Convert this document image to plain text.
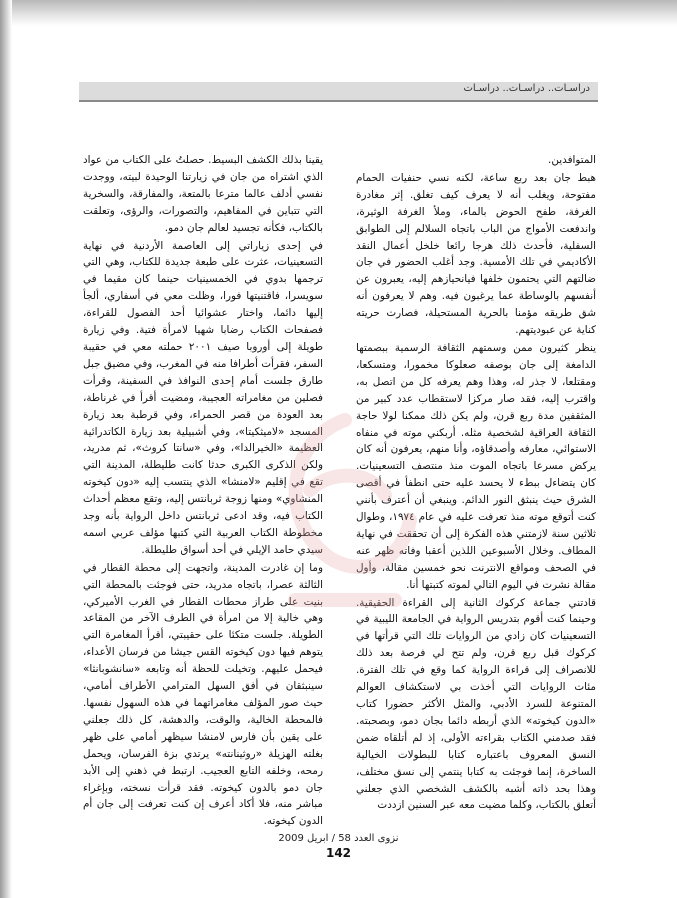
دراسـات.. دراسـات.. دراسـات

المتوافدين.

هبط جان بعد ربع ساعة، لكنه نسي حنفيات الحمام مفتوحة، ويغلب أنه لا يعرف كيف تغلق. إثر مغادرة الغرفة، طفح الحوض بالماء، وملأ الغرفة الوثيرة، واندفعت الأمواج من الباب باتجاه السلالم إلى الطوابق السفلية، فأحدث ذلك هرجا رائعا خلخل أعمال النقد الأكاديمي في تلك الأمسية. وجد أغلب الحضور في جان ضالتهم التي يحتمون خلفها فيانحيازهم إليه، يعبرون عن أنفسهم بالوساطة عما يرغبون فيه. وهم لا يعرفون أنه شق طريقه مؤمنا بالحرية المستحيلة، فصارت حريته كناية عن عبوديتهم.

ينظر كثيرون ممن وسمتهم الثقافة الرسمية ببصمتها الدامغة إلى جان بوصفه صعلوكا مخمورا، ومتسكعا، ومقتلعا، لا جذر له، وهذا وهم يعرفه كل من اتصل به، واقترب إليه، فقد صار مركزا لاستقطاب عدد كبير من المثقفين مدة ربع قرن، ولم يكن ذلك ممكنا لولا حاجة الثقافة العراقية لشخصية مثله. أربكني موته في منفاه الاستوائي، معارفه وأصدقاؤه، وأنا منهم، يعرفون أنه كان يركض مسرعا باتجاه الموت منذ منتصف التسعينيات. كان يتضاءل ببطء لا يحسد عليه حتى انطفأ في أقصى الشرق حيث ينبثق النور الدائم. وينبغي أن أعترف بأنني كنت أتوقع موته منذ تعرفت عليه في عام ١٩٧٤، وطوال ثلاثين سنة لازمتني هذه الفكرة إلى أن تحققت في نهاية المطاف. وخلال الأسبوعين اللذين أعقبا وفاته ظهر عنه في الصحف ومواقع الانترنت نحو خمسين مقالة، وأول مقالة نشرت في اليوم التالي لموته كتبتها أنا.

قادتني جماعة كركوك الثانية إلى القراءة الحقيقية. وحينما كنت أقوم بتدريس الرواية في الجامعة الليبية في التسعينيات كان زادي من الروايات تلك التي قرأتها في كركوك قبل ربع قرن، ولم تتح لي فرصة بعد ذلك للانصراف إلى قراءة الرواية كما وقع في تلك الفترة. مئات الروايات التي أخذت بي لاستكشاف العوالم المتنوعة للسرد الأدبي، والمثل الأكثر حضورا كتاب «الدون كيخوته» الذي أربطه دائما بجان دمو، وبصحبته. فقد صدمني الكتاب بقراءته الأولى، إذ لم أتلقاه ضمن النسق المعروف باعتباره كتابا للبطولات الخيالية الساخرة، إنما فوجئت به كتابا ينتمي إلى نسق مختلف، وهذا بحد ذاته أشبه بالكشف الشخصي الذي جعلني أتعلق بالكتاب، وكلما مضيت معه عبر السنين ازددت

يقينا بذلك الكشف البسيط. حصلتُ على الكتاب من عواد الذي اشتراه من جان في زيارتنا الوحيدة لبيته، ووجدت نفسي أدلف عالما مترعا بالمتعة، والمفارقة، والسخرية التي تتباين في المفاهيم، والتصورات، والرؤى، وتعلقت بالكتاب، فكأنه تجسيد لعالم جان دمو.

في إحدى زياراتي إلى العاصمة الأردنية في نهاية التسعينيات، عثرت على طبعة جديدة للكتاب، وهي التي ترجمها بدوي في الخمسينيات حينما كان مقيما في سويسرا، فاقتنيتها فورا، وظلت معي في أسفاري، ألجأ إليها دائما، واختار عشوائيا أحد الفصول للقراءة، فصفحات الكتاب رضابا شهيا لامرأة فتية. وفي زيارة طويلة إلى أوروبا صيف ٢٠٠١ حملته معي في حقيبة السفر، فقرأت أطرافا منه في المغرب، وفي مضيق جبل طارق جلست أمام إحدى النوافذ في السفينة، وقرأت فصلين من مغامراته العجيبة، ومضيت أقرأ في غرناطة، بعد العودة من قصر الحمراء، وفي قرطبة بعد زيارة المسجد «لاميثكيتا»، وفي أشبيلية بعد زيارة الكاتدرائية العظيمة «الخيرالدا»، وفي «سانتا كروث»، ثم مدريد، ولكن الذكرى الكبرى حدثا كانت طليطلة، المدينة التي تقع في إقليم «لامنشا» الذي ينتسب إليه «دون كيخوته المنشاوي» ومنها زوجة ثربانتس إليه، وتقع معظم أحداث الكتاب فيه، وقد ادعى ثربانتس داخل الرواية بأنه وجد مخطوطة الكتاب العربية التي كتبها مؤلف عربي اسمه سيدي حامد الإيلي في أحد أسواق طليطلة.

وما إن غادرت المدينة، واتجهت إلى محطة القطار في الثالثة عصرا، باتجاه مدريد، حتى فوجئت بالمحطة التي بنيت على طراز محطات القطار في الغرب الأميركي، وهي خالية إلا من امرأة في الطرف الآخر من المقاعد الطويلة. جلست متكئا على حقيبتي، أقرأ المغامرة التي يتوهم فيها دون كيخوته القس جيشا من فرسان الأعداء، فيحمل عليهم. وتخيلت للحظة أنه وتابعه «سانشوبانثا» سينبثقان في أفق السهل المترامي الأطراف أمامي، حيث صور المؤلف مغامراتهما في هذه السهول نفسها. فالمحطة الخالية، والوقت، والدهشة، كل ذلك جعلني على يقين بأن فارس لامنشا سيظهر أمامي على ظهر بغلته الهزيلة «روثينانته» يرتدي بزة الفرسان، ويحمل رمحه، وخلفه التابع العجيب. ارتبط في ذهني إلى الأبد جان دمو بالدون كيخوته. فقد قرأت نسخته، وبإغراء مباشر منه، فلا أكاد أعرف إن كنت تعرفت إلى جان أم الدون كيخوته.

نزوى العدد 58 / ابريل 2009
142
